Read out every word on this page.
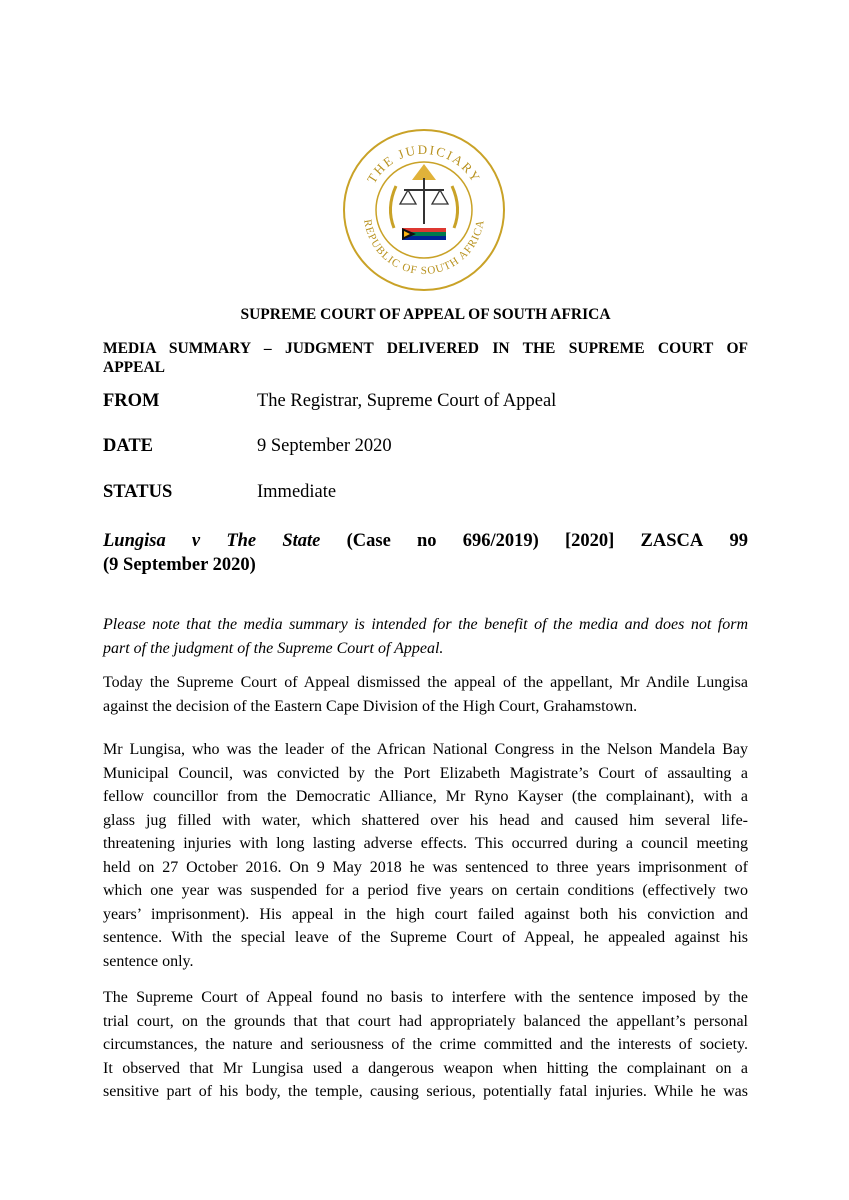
THE JUDICIARY
REPUBLIC OF SOUTH AFRICA
SUPREME COURT OF APPEAL OF SOUTH AFRICA
MEDIA SUMMARY – JUDGMENT DELIVERED IN THE SUPREME COURT OF
APPEAL
FROM	The Registrar, Supreme Court of Appeal
DATE	9 September 2020
STATUS	Immediate
Lungisa v The State (Case no 696/2019) [2020] ZASCA 99
(9 September 2020)
Please note that the media summary is intended for the benefit of the media and does not form
part of the judgment of the Supreme Court of Appeal.
Today the Supreme Court of Appeal dismissed the appeal of the appellant, Mr Andile Lungisa
against the decision of the Eastern Cape Division of the High Court, Grahamstown.
Mr Lungisa, who was the leader of the African National Congress in the Nelson Mandela Bay
Municipal Council, was convicted by the Port Elizabeth Magistrate’s Court of assaulting a
fellow councillor from the Democratic Alliance, Mr Ryno Kayser (the complainant), with a
glass jug filled with water, which shattered over his head and caused him several life-
threatening injuries with long lasting adverse effects. This occurred during a council meeting
held on 27 October 2016. On 9 May 2018 he was sentenced to three years imprisonment of
which one year was suspended for a period five years on certain conditions (effectively two
years’ imprisonment). His appeal in the high court failed against both his conviction and
sentence. With the special leave of the Supreme Court of Appeal, he appealed against his
sentence only.
The Supreme Court of Appeal found no basis to interfere with the sentence imposed by the
trial court, on the grounds that that court had appropriately balanced the appellant’s personal
circumstances, the nature and seriousness of the crime committed and the interests of society.
It observed that Mr Lungisa used a dangerous weapon when hitting the complainant on a
sensitive part of his body, the temple, causing serious, potentially fatal injuries. While he was
